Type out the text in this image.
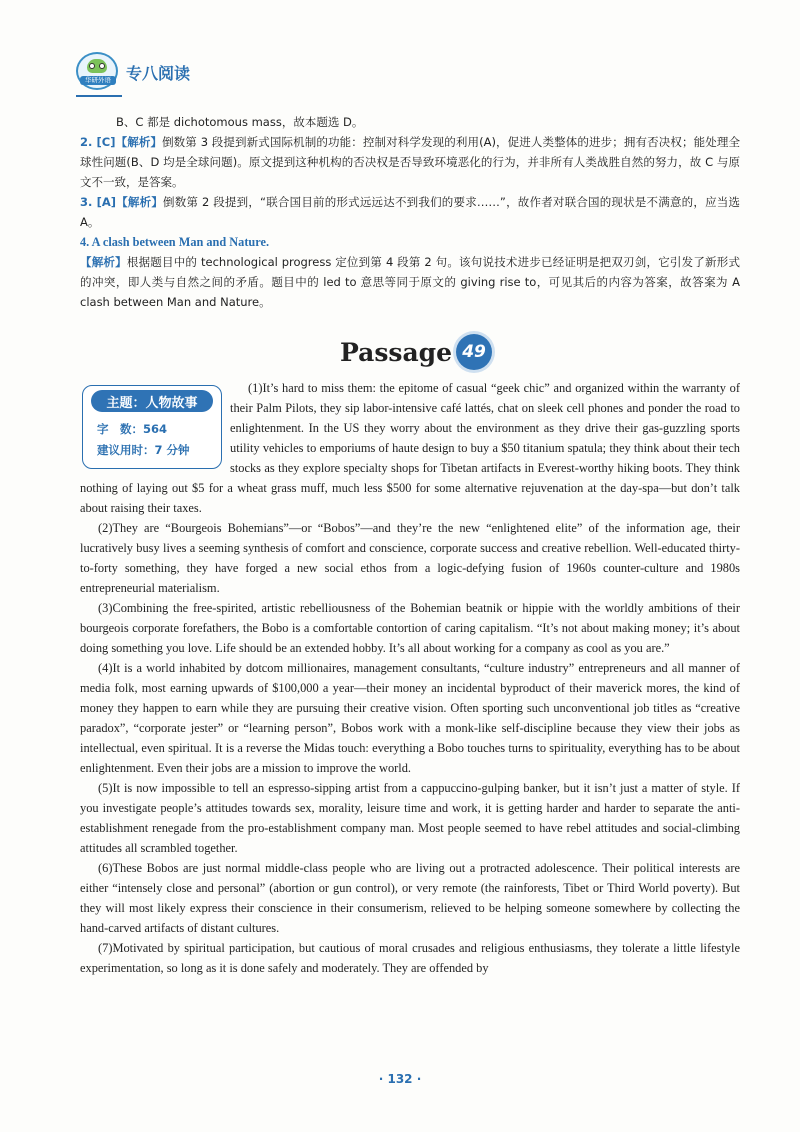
华研外语 专八阅读

B、C 都是 dichotomous mass，故本题选 D。

2. [C]【解析】倒数第 3 段提到新式国际机制的功能：控制对科学发现的利用(A)，促进人类整体的进步；拥有否决权；能处理全球性问题(B、D 均是全球问题)。原文提到这种机构的否决权是否导致环境恶化的行为，并非所有人类战胜自然的努力，故 C 与原文不一致，是答案。

3. [A]【解析】倒数第 2 段提到，“联合国目前的形式远远达不到我们的要求……”，故作者对联合国的现状是不满意的，应当选 A。

4. A clash between Man and Nature.

【解析】根据题目中的 technological progress 定位到第 4 段第 2 句。该句说技术进步已经证明是把双刃剑，它引发了新形式的冲突，即人类与自然之间的矛盾。题目中的 led to 意思等同于原文的 giving rise to，可见其后的内容为答案，故答案为 A clash between Man and Nature。

Passage 49
主题：人物故事
字　数：564
建议用时：7 分钟

(1)It’s hard to miss them: the epitome of casual “geek chic” and organized within the warranty of their Palm Pilots, they sip labor-intensive café lattés, chat on sleek cell phones and ponder the road to enlightenment. In the US they worry about the environment as they drive their gas-guzzling sports utility vehicles to emporiums of haute design to buy a $50 titanium spatula; they think about their tech stocks as they explore specialty shops for Tibetan artifacts in Everest-worthy hiking boots. They think nothing of laying out $5 for a wheat grass muff, much less $500 for some alternative rejuvenation at the day-spa—but don’t talk about raising their taxes.

(2)They are “Bourgeois Bohemians”—or “Bobos”—and they’re the new “enlightened elite” of the information age, their lucratively busy lives a seeming synthesis of comfort and conscience, corporate success and creative rebellion. Well-educated thirty-to-forty something, they have forged a new social ethos from a logic-defying fusion of 1960s counter-culture and 1980s entrepreneurial materialism.

(3)Combining the free-spirited, artistic rebelliousness of the Bohemian beatnik or hippie with the worldly ambitions of their bourgeois corporate forefathers, the Bobo is a comfortable contortion of caring capitalism. “It’s not about making money; it’s about doing something you love. Life should be an extended hobby. It’s all about working for a company as cool as you are.”

(4)It is a world inhabited by dotcom millionaires, management consultants, “culture industry” entrepreneurs and all manner of media folk, most earning upwards of $100,000 a year—their money an incidental byproduct of their maverick mores, the kind of money they happen to earn while they are pursuing their creative vision. Often sporting such unconventional job titles as “creative paradox”, “corporate jester” or “learning person”, Bobos work with a monk-like self-discipline because they view their jobs as intellectual, even spiritual. It is a reverse the Midas touch: everything a Bobo touches turns to spirituality, everything has to be about enlightenment. Even their jobs are a mission to improve the world.

(5)It is now impossible to tell an espresso-sipping artist from a cappuccino-gulping banker, but it isn’t just a matter of style. If you investigate people’s attitudes towards sex, morality, leisure time and work, it is getting harder and harder to separate the anti-establishment renegade from the pro-establishment company man. Most people seemed to have rebel attitudes and social-climbing attitudes all scrambled together.

(6)These Bobos are just normal middle-class people who are living out a protracted adolescence. Their political interests are either “intensely close and personal” (abortion or gun control), or very remote (the rainforests, Tibet or Third World poverty). But they will most likely express their conscience in their consumerism, relieved to be helping someone somewhere by collecting the hand-carved artifacts of distant cultures.

(7)Motivated by spiritual participation, but cautious of moral crusades and religious enthusiasms, they tolerate a little lifestyle experimentation, so long as it is done safely and moderately. They are offended by

· 132 ·
